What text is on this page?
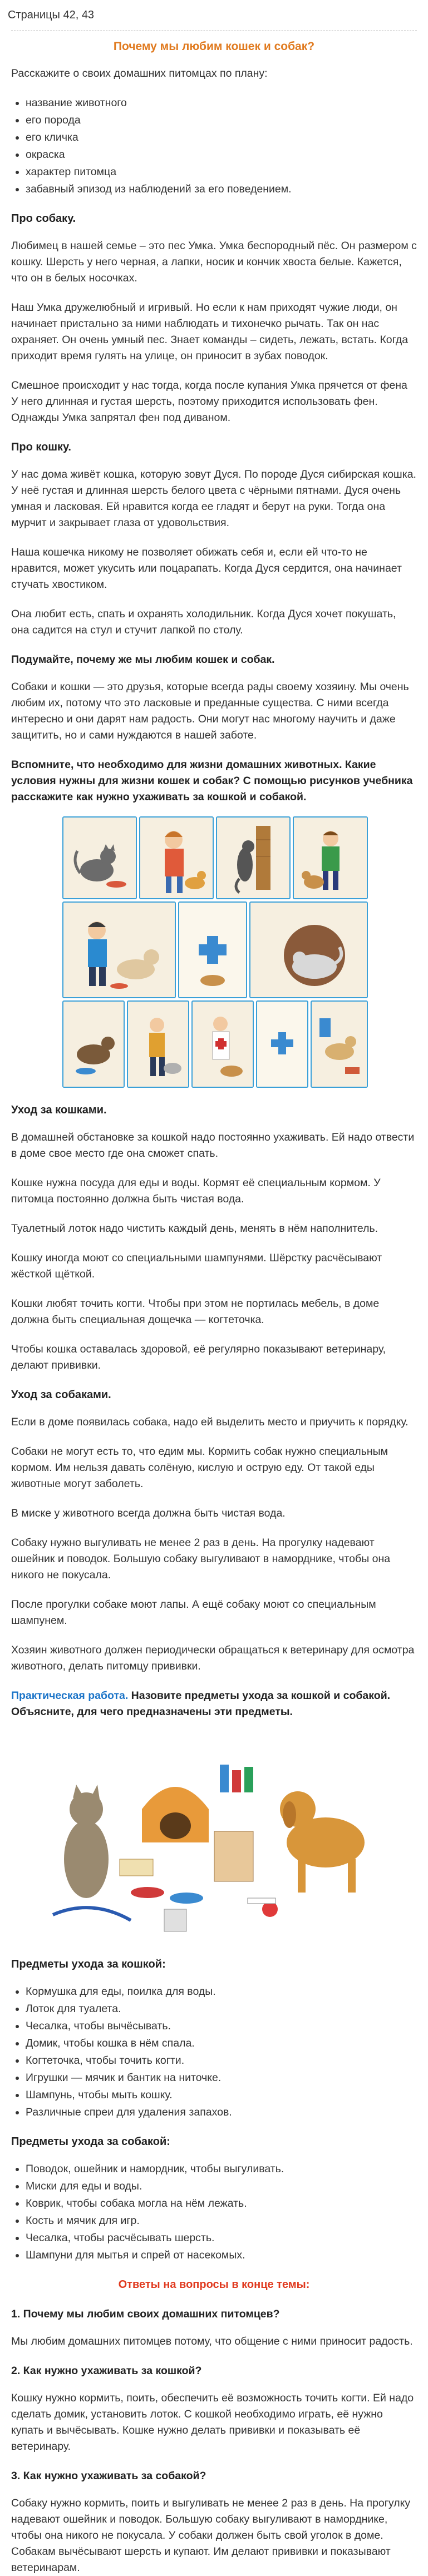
Страницы 42, 43
Почему мы любим кошек и собак?

Расскажите о своих домашних питомцах по плану:

• название животного
• его порода
• его кличка
• окраска
• характер питомца
• забавный эпизод из наблюдений за его поведением.
Про собаку.

Любимец в нашей семье – это пес Умка. Умка беспородный пёс. Он размером с кошку. Шерсть у него черная, а лапки, носик и кончик хвоста белые. Кажется, что он в белых носочках.

Наш Умка дружелюбный и игривый. Но если к нам приходят чужие люди, он начинает пристально за ними наблюдать и тихонечко рычать. Так он нас охраняет. Он очень умный пес. Знает команды – сидеть, лежать, встать. Когда приходит время гулять на улице, он приносит в зубах поводок.

Смешное происходит у нас тогда, когда после купания Умка прячется от фена У него длинная и густая шерсть, поэтому приходится использовать фен. Однажды Умка запрятал фен под диваном.

Про кошку.

У нас дома живёт кошка, которую зовут Дуся. По породе Дуся сибирская кошка. У неё густая и длинная шерсть белого цвета с чёрными пятнами. Дуся очень умная и ласковая. Ей нравится когда ее гладят и берут на руки. Тогда она мурчит и закрывает глаза от удовольствия.

Наша кошечка никому не позволяет обижать себя и, если ей что-то не нравится, может укусить или поцарапать. Когда Дуся сердится, она начинает стучать хвостиком.

Она любит есть, спать и охранять холодильник. Когда Дуся хочет покушать, она садится на стул и стучит лапкой по столу.

Подумайте, почему же мы любим кошек и собак.

Собаки и кошки — это друзья, которые всегда рады своему хозяину. Мы очень любим их, потому что это ласковые и преданные существа. С ними всегда интересно и они дарят нам радость. Они могут нас многому научить и даже защитить, но и сами нуждаются в нашей заботе.

Вспомните, что необходимо для жизни домашних животных. Какие условия нужны для жизни кошек и собак? С помощью рисунков учебника расскажите как нужно ухаживать за кошкой и собакой.
Уход за кошками.

В домашней обстановке за кошкой надо постоянно ухаживать. Ей надо отвести в доме свое место где она сможет спать.

Кошке нужна посуда для еды и воды. Кормят её специальным кормом. У питомца постоянно должна быть чистая вода.

Туалетный лоток надо чистить каждый день, менять в нём наполнитель.

Кошку иногда моют со специальными шампунями. Шёрстку расчёсывают жёсткой щёткой.

Кошки любят точить когти. Чтобы при этом не портилась мебель, в доме должна быть специальная дощечка — когтеточка.

Чтобы кошка оставалась здоровой, её регулярно показывают ветеринару, делают прививки.

Уход за собаками.

Если в доме появилась собака, надо ей выделить место и приучить к порядку.

Собаки не могут есть то, что едим мы. Кормить собак нужно специальным кормом. Им нельзя давать солёную, кислую и острую еду. От такой еды животные могут заболеть.

В миске у животного всегда должна быть чистая вода.

Собаку нужно выгуливать не менее 2 раз в день. На прогулку надевают ошейник и поводок. Большую собаку выгуливают в наморднике, чтобы она никого не покусала.

После прогулки собаке моют лапы. А ещё собаку моют со специальным шампунем.

Хозяин животного должен периодически обращаться к ветеринару для осмотра животного, делать питомцу прививки.

Практическая работа. Назовите предметы ухода за кошкой и собакой. Объясните, для чего предназначены эти предметы.
Предметы ухода за кошкой:
• Кормушка для еды, поилка для воды.
• Лоток для туалета.
• Чесалка, чтобы вычёсывать.
• Домик, чтобы кошка в нём спала.
• Когтеточка, чтобы точить когти.
• Игрушки — мячик и бантик на ниточке.
• Шампунь, чтобы мыть кошку.
• Различные спреи для удаления запахов.
Предметы ухода за собакой:
• Поводок, ошейник и намордник, чтобы выгуливать.
• Миски для еды и воды.
• Коврик, чтобы собака могла на нём лежать.
• Кость и мячик для игр.
• Чесалка, чтобы расчёсывать шерсть.
• Шампуни для мытья и спрей от насекомых.
Ответы на вопросы в конце темы:
1. Почему мы любим своих домашних питомцев?

Мы любим домашних питомцев потому, что общение с ними приносит радость.

2. Как нужно ухаживать за кошкой?

Кошку нужно кормить, поить, обеспечить её возможность точить когти. Ей надо сделать домик, установить лоток. С кошкой необходимо играть, её нужно купать и вычёсывать. Кошке нужно делать прививки и показывать её ветеринару.

3. Как нужно ухаживать за собакой?

Собаку нужно кормить, поить и выгуливать не менее 2 раз в день. На прогулку надевают ошейник и поводок. Большую собаку выгуливают в наморднике, чтобы она никого не покусала. У собаки должен быть свой уголок в доме. Собакам вычёсывают шерсть и купают. Им делают прививки и показывают ветеринарам.
